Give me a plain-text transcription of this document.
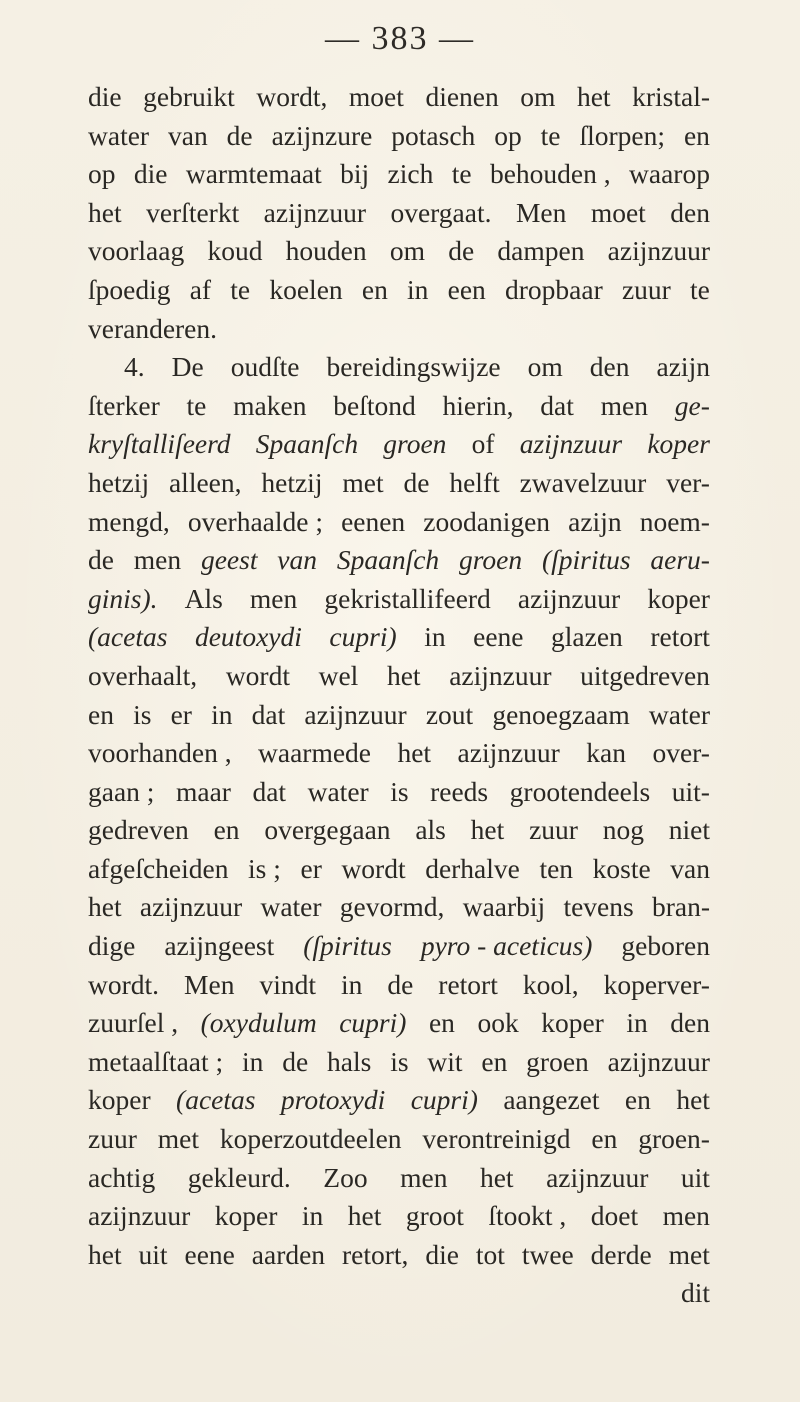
— 383 —
die gebruikt wordt, moet dienen om het kristal-
water van de azijnzure potasch op te ſlorpen; en
op die warmtemaat bij zich te behouden , waarop
het verſterkt azijnzuur overgaat. Men moet den
voorlaag koud houden om de dampen azijnzuur
ſpoedig af te koelen en in een dropbaar zuur te
veranderen.
4. De oudſte bereidingswijze om den azijn
ſterker te maken beſtond hierin, dat men ge-
kryſtalliſeerd Spaanſch groen of azijnzuur koper
hetzij alleen, hetzij met de helft zwavelzuur ver-
mengd, overhaalde ; eenen zoodanigen azijn noem-
de men geest van Spaanſch groen (ſpiritus aeru-
ginis). Als men gekristallifeerd azijnzuur koper
(acetas deutoxydi cupri) in eene glazen retort
overhaalt, wordt wel het azijnzuur uitgedreven
en is er in dat azijnzuur zout genoegzaam water
voorhanden , waarmede het azijnzuur kan over-
gaan ; maar dat water is reeds grootendeels uit-
gedreven en overgegaan als het zuur nog niet
afgeſcheiden is ; er wordt derhalve ten koste van
het azijnzuur water gevormd, waarbij tevens bran-
dige azijngeest (ſpiritus pyro - aceticus) geboren
wordt. Men vindt in de retort kool, koperver-
zuurſel , (oxydulum cupri) en ook koper in den
metaalſtaat ; in de hals is wit en groen azijnzuur
koper (acetas protoxydi cupri) aangezet en het
zuur met koperzoutdeelen verontreinigd en groen-
achtig gekleurd. Zoo men het azijnzuur uit
azijnzuur koper in het groot ſtookt , doet men
het uit eene aarden retort, die tot twee derde met
dit
